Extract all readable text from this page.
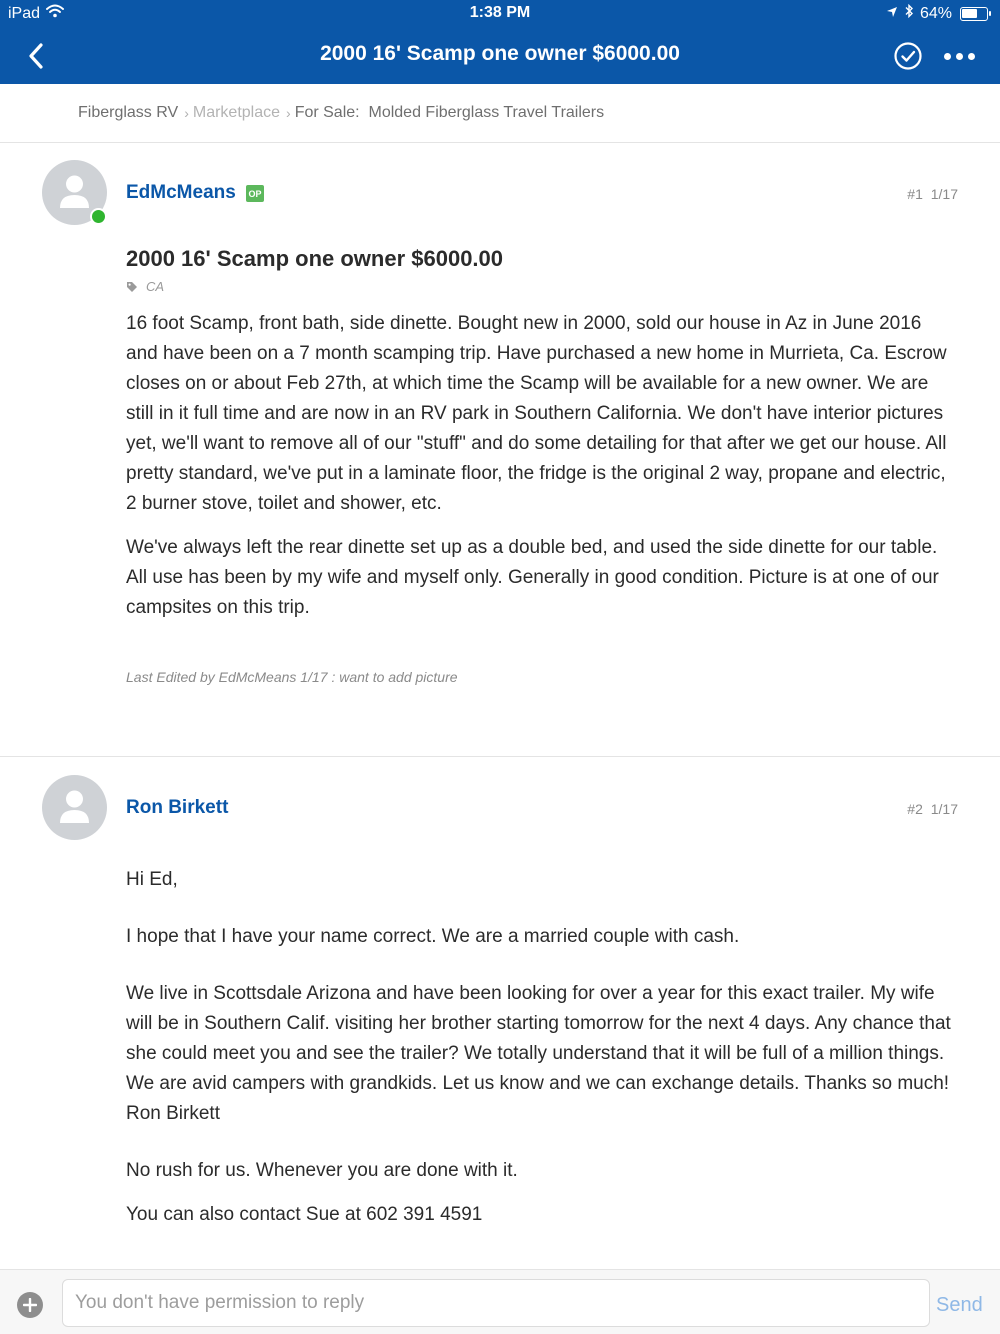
iPad	1:38 PM	64%
2000 16' Scamp one owner $6000.00
Fiberglass RV › Marketplace › For Sale:  Molded Fiberglass Travel Trailers
EdMcMeans OP	#1 1/17
2000 16' Scamp one owner $6000.00
CA

16 foot Scamp, front bath, side dinette. Bought new in 2000, sold our house in Az in June 2016 and have been on a 7 month scamping trip. Have purchased a new home in Murrieta, Ca. Escrow closes on or about Feb 27th, at which time the Scamp will be available for a new owner. We are still in it full time and are now in an RV park in Southern California. We don't have interior pictures yet, we'll want to remove all of our "stuff" and do some detailing for that after we get our house. All pretty standard, we've put in a laminate floor, the fridge is the original 2 way, propane and electric, 2 burner stove, toilet and shower, etc.

We've always left the rear dinette set up as a double bed, and used the side dinette for our table. All use has been by my wife and myself only. Generally in good condition. Picture is at one of our campsites on this trip.

Last Edited by EdMcMeans 1/17 : want to add picture
Ron Birkett	#2 1/17

Hi Ed,

I hope that I have your name correct. We are a married couple with cash.

We live in Scottsdale Arizona and have been looking for over a year for this exact trailer. My wife will be in Southern Calif. visiting her brother starting tomorrow for the next 4 days. Any chance that she could meet you and see the trailer? We totally understand that it will be full of a million things. We are avid campers with grandkids. Let us know and we can exchange details. Thanks so much! Ron Birkett

No rush for us. Whenever you are done with it.

You can also contact Sue at 602 391 4591

You don't have permission to reply
Send
